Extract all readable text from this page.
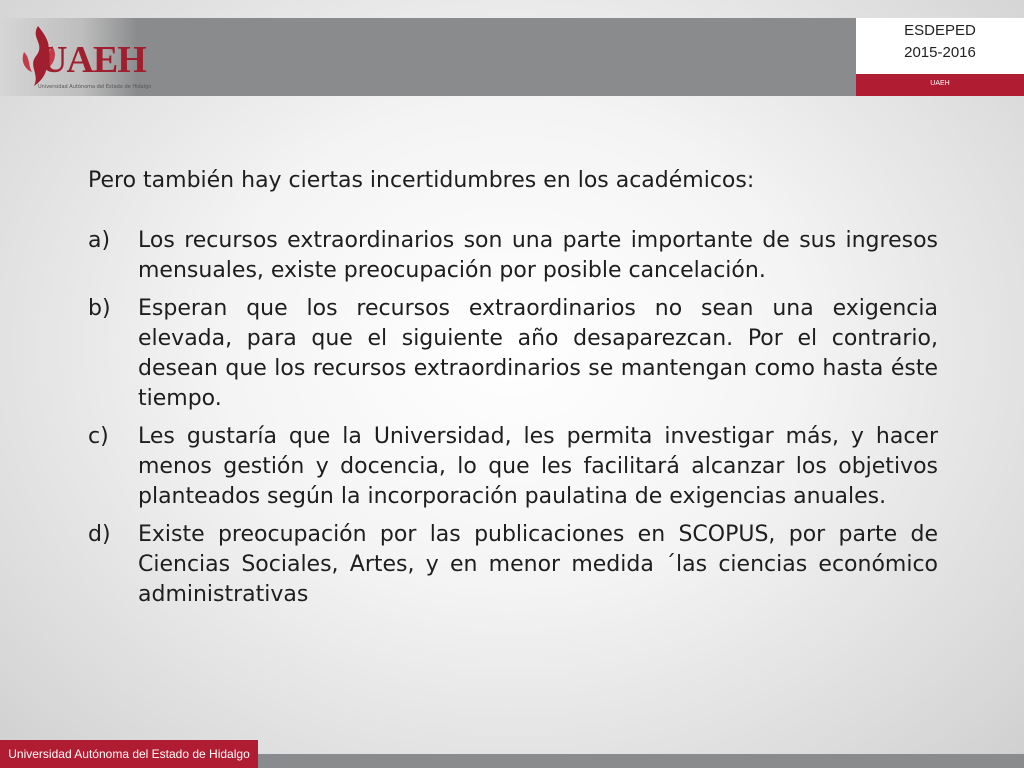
UAEH
Universidad Autónoma del Estado de Hidalgo
ESDEPED
2015-2016
UAEH

Pero también hay ciertas incertidumbres en los académicos:

a) Los recursos extraordinarios son una parte importante de sus ingresos mensuales, existe preocupación por posible cancelación.
b) Esperan que los recursos extraordinarios no sean una exigencia elevada, para que el siguiente año desaparezcan. Por el contrario, desean que los recursos extraordinarios se mantengan como hasta éste tiempo.
c) Les gustaría que la Universidad, les permita investigar más, y hacer menos gestión y docencia, lo que les facilitará alcanzar los objetivos planteados según la incorporación paulatina de exigencias anuales.
d) Existe preocupación por las publicaciones en SCOPUS, por parte de Ciencias Sociales, Artes, y en menor medida ´las ciencias económico administrativas
Universidad Autónoma del Estado de Hidalgo
